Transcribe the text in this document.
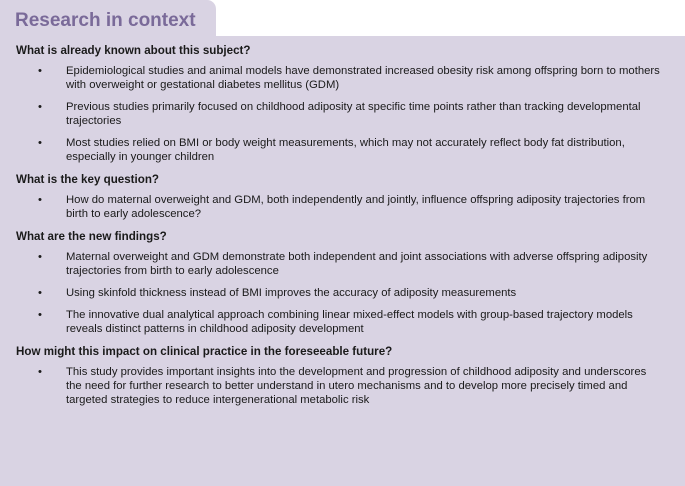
Research in context
What is already known about this subject?
• Epidemiological studies and animal models have demonstrated increased obesity risk among offspring born to mothers with overweight or gestational diabetes mellitus (GDM)
• Previous studies primarily focused on childhood adiposity at specific time points rather than tracking developmental trajectories
• Most studies relied on BMI or body weight measurements, which may not accurately reflect body fat distribution, especially in younger children
What is the key question?
• How do maternal overweight and GDM, both independently and jointly, influence offspring adiposity trajectories from birth to early adolescence?
What are the new findings?
• Maternal overweight and GDM demonstrate both independent and joint associations with adverse offspring adiposity trajectories from birth to early adolescence
• Using skinfold thickness instead of BMI improves the accuracy of adiposity measurements
• The innovative dual analytical approach combining linear mixed-effect models with group-based trajectory models reveals distinct patterns in childhood adiposity development
How might this impact on clinical practice in the foreseeable future?
• This study provides important insights into the development and progression of childhood adiposity and underscores the need for further research to better understand in utero mechanisms and to develop more precisely timed and targeted strategies to reduce intergenerational metabolic risk
